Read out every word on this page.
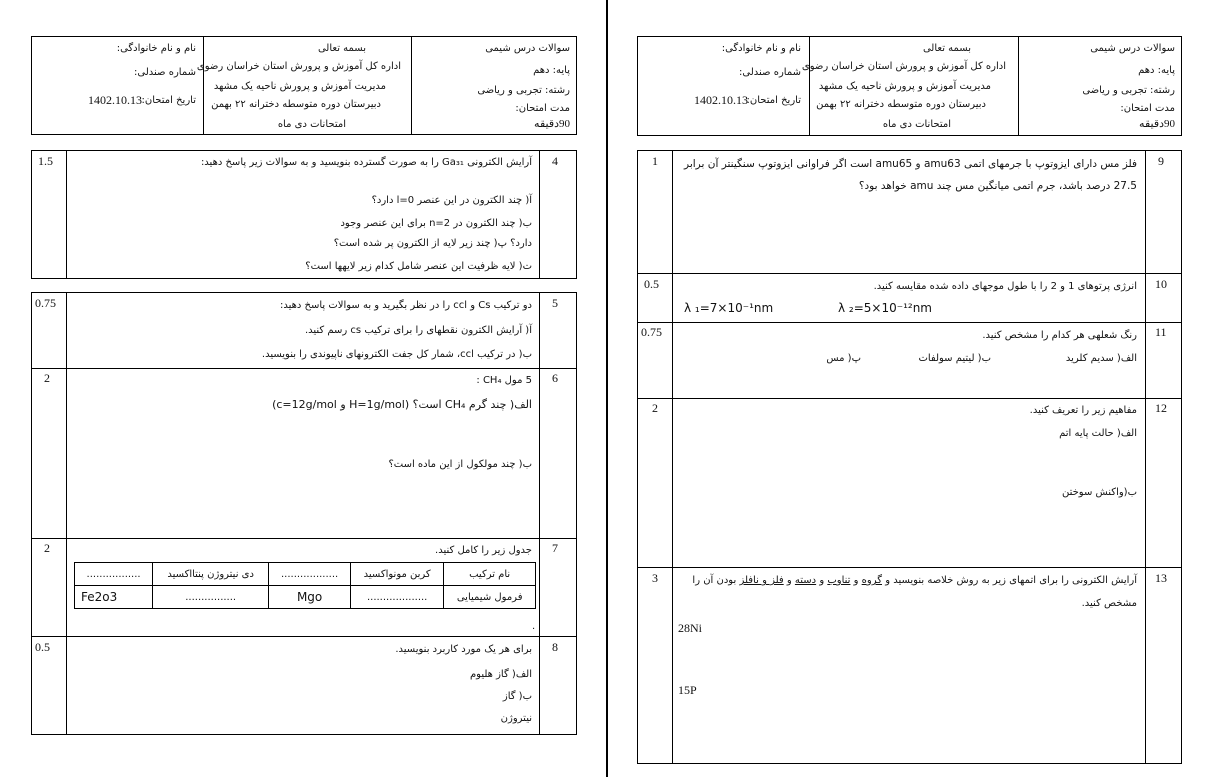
سوالات درس شیمی
پایه: دهم
رشته: تجربی و ریاضی
مدت امتحان:
90دقیقه
بسمه تعالی
اداره کل آموزش و پرورش استان خراسان رضوی
مدیریت آموزش و پرورش ناحیه یک مشهد
دبیرستان دوره متوسطه دخترانه ۲۲ بهمن
امتحانات دی ماه
نام و نام خانوادگی:
شماره صندلی:
تاریخ امتحان:
1402.10.13
1.5	4
آرایش الکترونی Ga₃₁ را به صورت گسترده بنویسید و به سوالات زیر پاسخ دهید:
آ( چند الکترون در این عنصر l=0 دارد؟
ب( چند الکترون در n=2 برای این عنصر وجود
دارد؟ پ( چند زیر لایه از الکترون پر شده است؟
ت( لایه ظرفیت این عنصر شامل کدام زیر لایهها است؟
0.75	5
دو ترکیب Cs و ccl را در نظر بگیرید و به سوالات پاسخ دهید:
آ( آرایش الکترون نقطهای را برای ترکیب cs رسم کنید.
ب( در ترکیب ccl، شمار کل جفت الکترونهای ناپیوندی را بنویسید.
2	6
5 مول CH₄ :
الف( چند گرم CH₄ است؟ (H=1g/mol و c=12g/mol)
ب( چند مولکول از این ماده است؟
2	7
جدول زیر را کامل کنید.
.................	دی نیتروژن پنتااکسید	..................	کربن مونواکسید	نام ترکیب
Fe2o3	................	Mgo	...................	فرمول شیمیایی
.
0.5	8
برای هر یک مورد کاربرد بنویسید.
الف( گاز هلیوم
ب( گاز
نیتروژن
سوالات درس شیمی
پایه: دهم
رشته: تجربی و ریاضی
مدت امتحان:
90دقیقه
بسمه تعالی
اداره کل آموزش و پرورش استان خراسان رضوی
مدیریت آموزش و پرورش ناحیه یک مشهد
دبیرستان دوره متوسطه دخترانه ۲۲ بهمن
امتحانات دی ماه
نام و نام خانوادگی:
شماره صندلی:
تاریخ امتحان:
1402.10.13
1	9
فلز مس دارای ایزوتوپ با جرمهای اتمی amu63 و amu65 است اگر فراوانی ایزوتوپ سنگینتر آن برابر
27.5 درصد باشد، جرم اتمی میانگین مس چند amu خواهد بود؟
0.5	10
انرژی پرتوهای 1 و 2 را با طول موجهای داده شده مقایسه کنید.
λ ₁=7×10⁻¹nm	λ ₂=5×10⁻¹²nm
0.75	11
رنگ شعلهی هر کدام را مشخص کنید.
الف( سدیم کلرید
ب( لیتیم سولفات
پ( مس
2	12
مفاهیم زیر را تعریف کنید.
الف( حالت پایه اتم
ب(واکنش سوختن
3	13
آرایش الکترونی را برای اتمهای زیر به روش خلاصه بنویسید و گروه و تناوب و دسته و فلز و نافلز بودن آن را
مشخص کنید.
28Ni
15P
